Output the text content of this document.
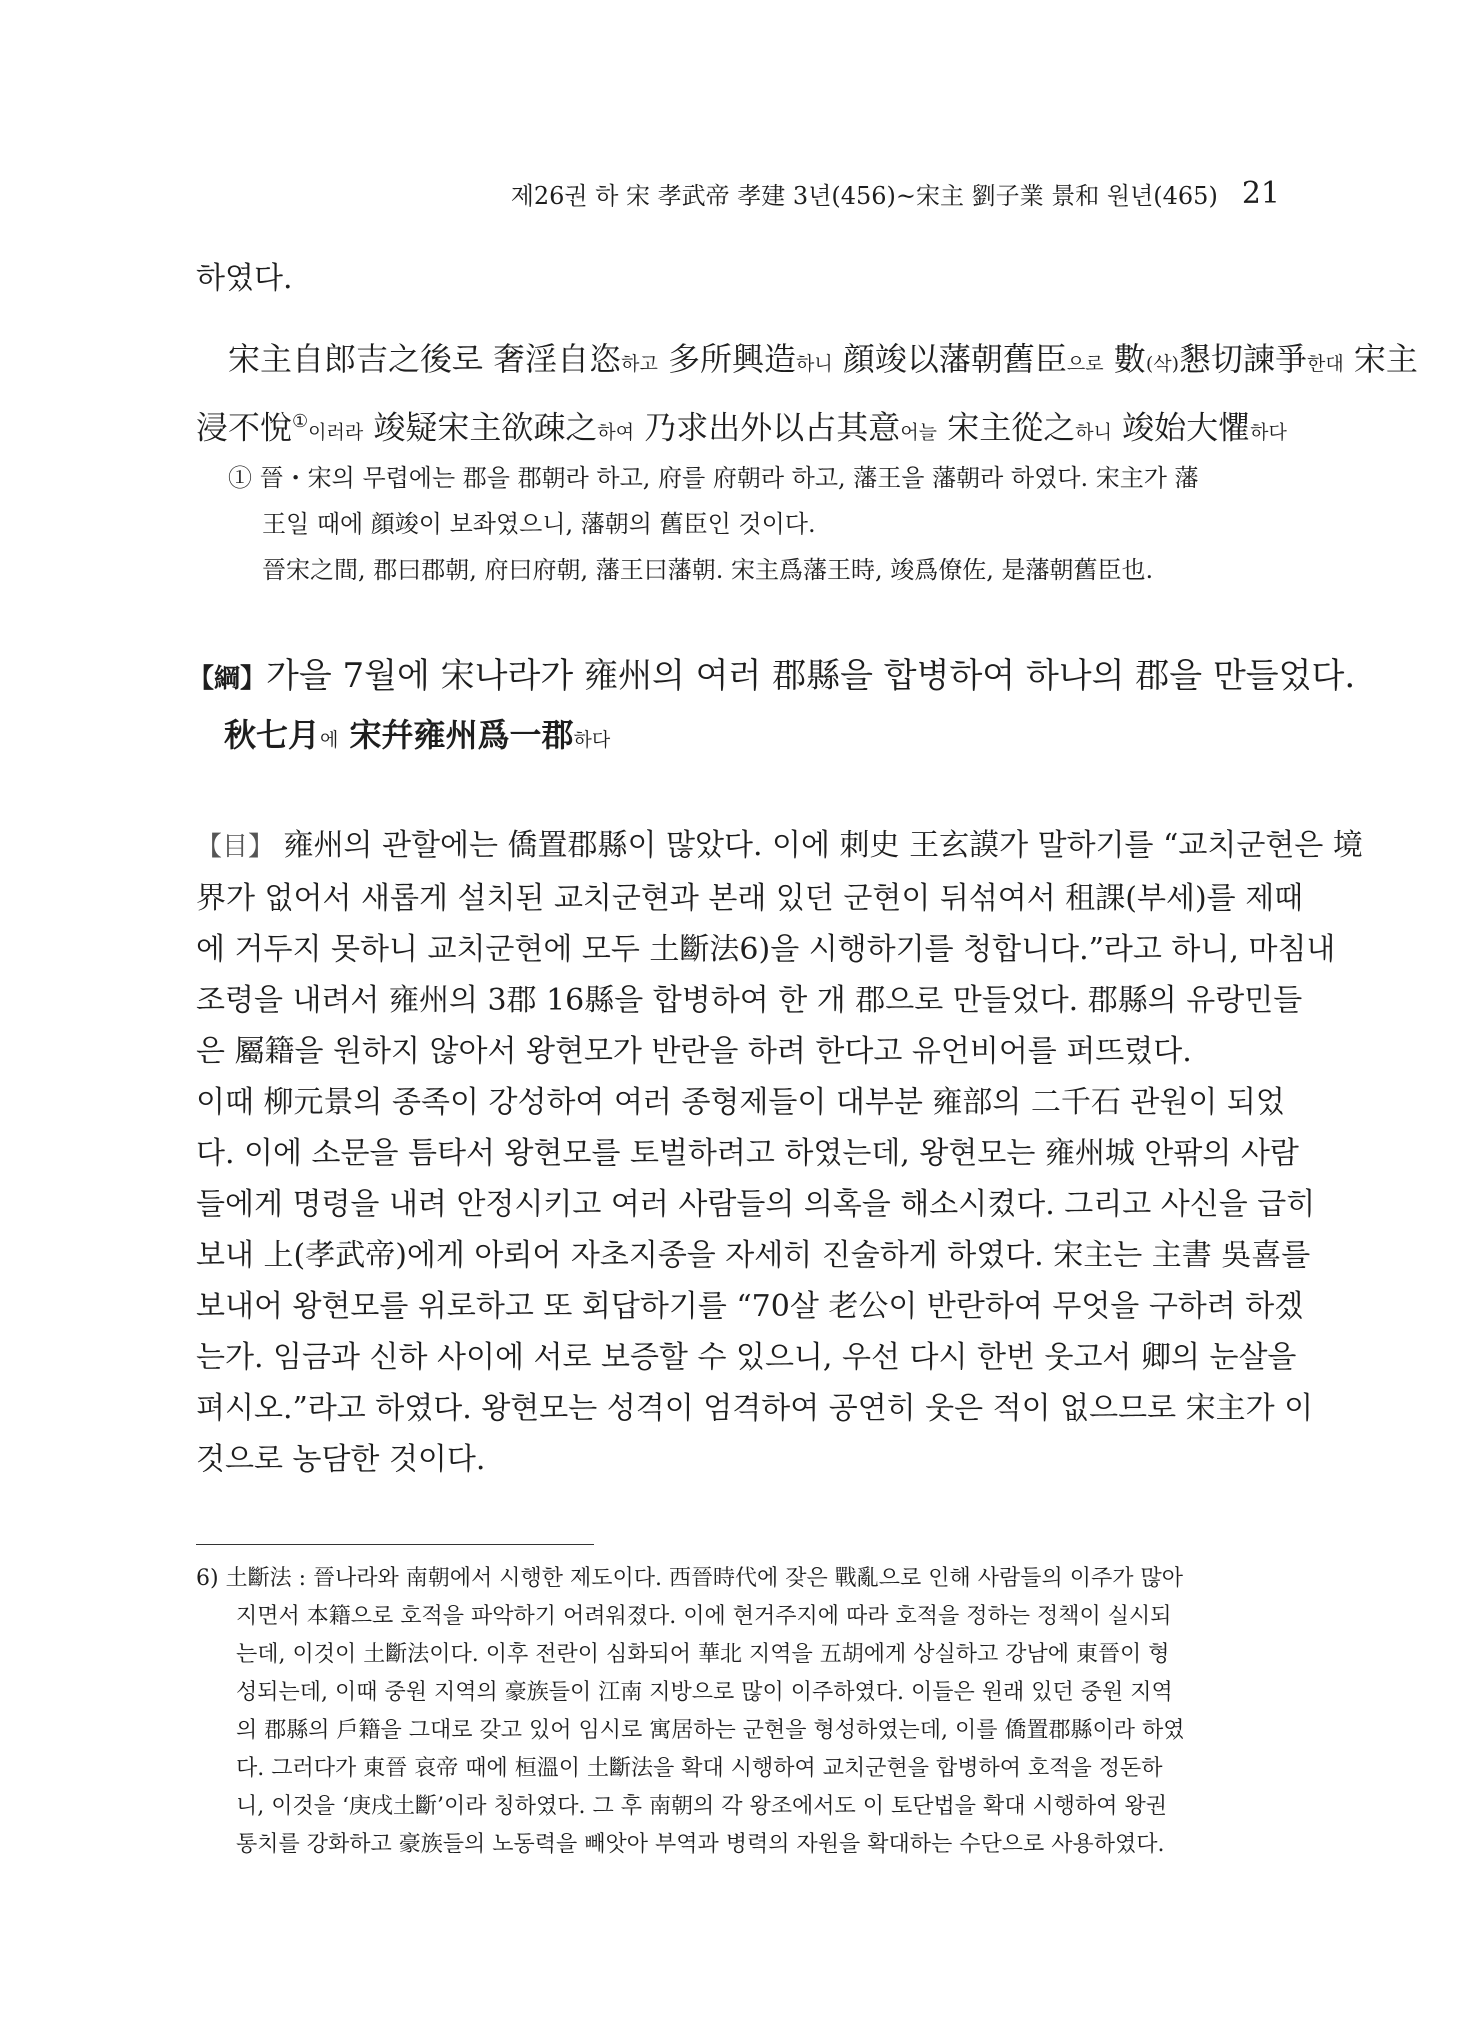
제26권 하 宋 孝武帝 孝建 3년(456)~宋主 劉子業 景和 원년(465) 21
하였다.
宋主自郎吉之後로 奢淫自恣하고 多所興造하니 顔竣以藩朝舊臣으로 數(삭)懇切諫爭한대 宋主
浸不悅①이러라 竣疑宋主欲疎之하여 乃求出外以占其意어늘 宋主從之하니 竣始大懼하다
① 晉・宋의 무렵에는 郡을 郡朝라 하고, 府를 府朝라 하고, 藩王을 藩朝라 하였다. 宋主가 藩
王일 때에 顔竣이 보좌였으니, 藩朝의 舊臣인 것이다.
晉宋之間, 郡曰郡朝, 府曰府朝, 藩王曰藩朝. 宋主爲藩王時, 竣爲僚佐, 是藩朝舊臣也.
【綱】가을 7월에 宋나라가 雍州의 여러 郡縣을 합병하여 하나의 郡을 만들었다.
秋七月에 宋幷雍州爲一郡하다
【目】 雍州의 관할에는 僑置郡縣이 많았다. 이에 刺史 王玄謨가 말하기를 “교치군현은 境
界가 없어서 새롭게 설치된 교치군현과 본래 있던 군현이 뒤섞여서 租課(부세)를 제때
에 거두지 못하니 교치군현에 모두 土斷法6)을 시행하기를 청합니다.”라고 하니, 마침내
조령을 내려서 雍州의 3郡 16縣을 합병하여 한 개 郡으로 만들었다. 郡縣의 유랑민들
은 屬籍을 원하지 않아서 왕현모가 반란을 하려 한다고 유언비어를 퍼뜨렸다.
이때 柳元景의 종족이 강성하여 여러 종형제들이 대부분 雍部의 二千石 관원이 되었
다. 이에 소문을 틈타서 왕현모를 토벌하려고 하였는데, 왕현모는 雍州城 안팎의 사람
들에게 명령을 내려 안정시키고 여러 사람들의 의혹을 해소시켰다. 그리고 사신을 급히
보내 上(孝武帝)에게 아뢰어 자초지종을 자세히 진술하게 하였다. 宋主는 主書 吳喜를
보내어 왕현모를 위로하고 또 회답하기를 “70살 老公이 반란하여 무엇을 구하려 하겠
는가. 임금과 신하 사이에 서로 보증할 수 있으니, 우선 다시 한번 웃고서 卿의 눈살을
펴시오.”라고 하였다. 왕현모는 성격이 엄격하여 공연히 웃은 적이 없으므로 宋主가 이
것으로 농담한 것이다.
6) 土斷法 : 晉나라와 南朝에서 시행한 제도이다. 西晉時代에 잦은 戰亂으로 인해 사람들의 이주가 많아
지면서 本籍으로 호적을 파악하기 어려워졌다. 이에 현거주지에 따라 호적을 정하는 정책이 실시되
는데, 이것이 土斷法이다. 이후 전란이 심화되어 華北 지역을 五胡에게 상실하고 강남에 東晉이 형
성되는데, 이때 중원 지역의 豪族들이 江南 지방으로 많이 이주하였다. 이들은 원래 있던 중원 지역
의 郡縣의 戶籍을 그대로 갖고 있어 임시로 寓居하는 군현을 형성하였는데, 이를 僑置郡縣이라 하였
다. 그러다가 東晉 哀帝 때에 桓溫이 土斷法을 확대 시행하여 교치군현을 합병하여 호적을 정돈하
니, 이것을 ‘庚戌土斷’이라 칭하였다. 그 후 南朝의 각 왕조에서도 이 토단법을 확대 시행하여 왕권
통치를 강화하고 豪族들의 노동력을 빼앗아 부역과 병력의 자원을 확대하는 수단으로 사용하였다.
